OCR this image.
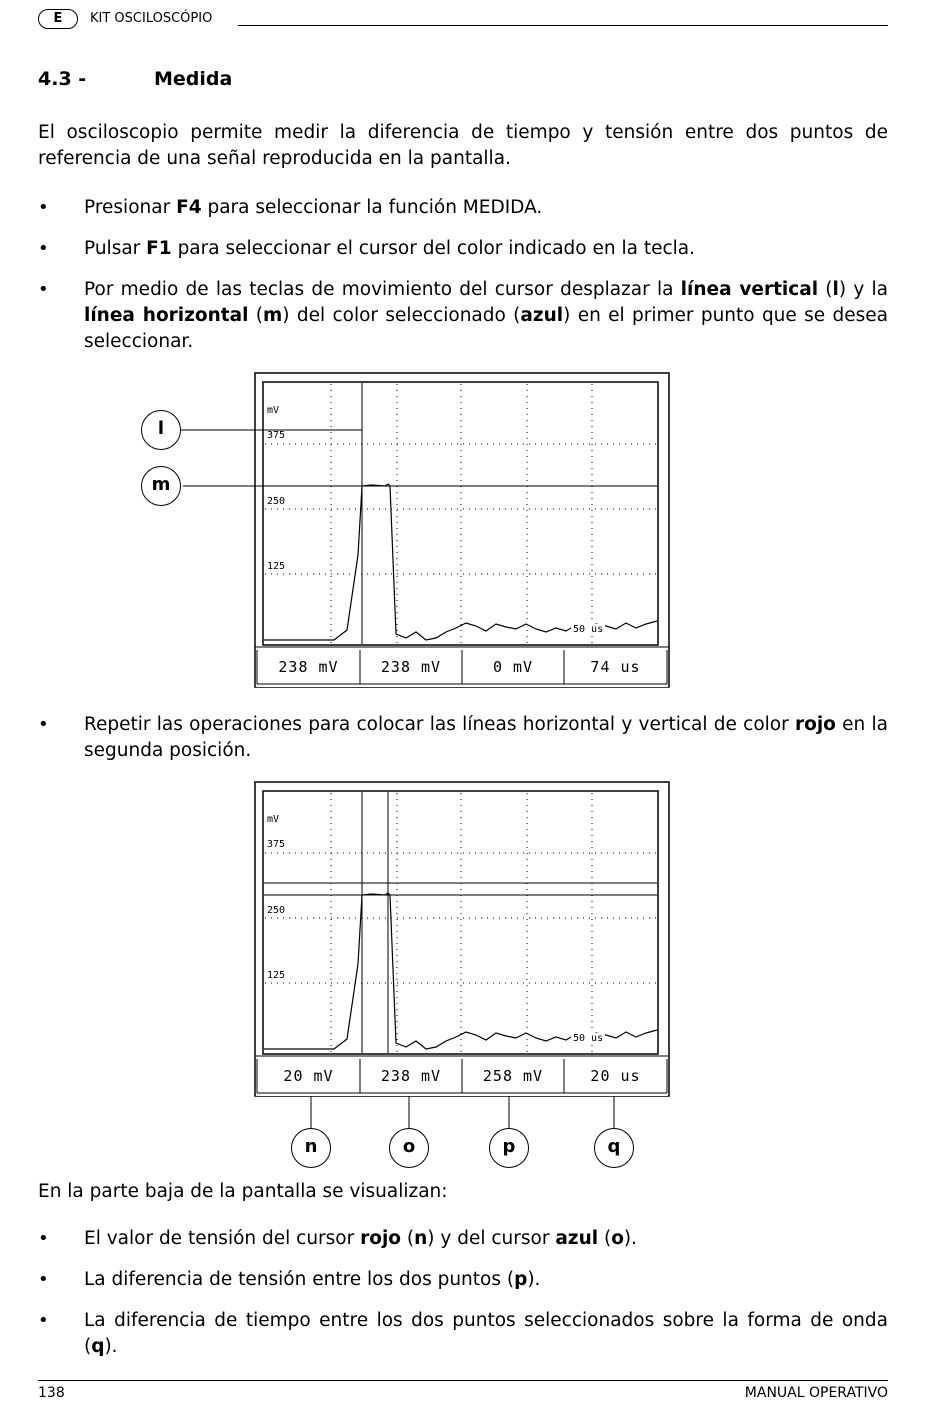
E	KIT OSCILOSCÓPIO
4.3 -	Medida

El osciloscopio permite medir la diferencia de tiempo y tensión entre dos puntos de referencia de una señal reproducida en la pantalla.

• Presionar F4 para seleccionar la función MEDIDA.
• Pulsar F1 para seleccionar el cursor del color indicado en la tecla.
• Por medio de las teclas de movimiento del cursor desplazar la línea vertical (l) y la línea horizontal (m) del color seleccionado (azul) en el primer punto que se desea seleccionar.
mV
375
250
125
50 us
238 mV	238 mV	0 mV	74 us
l
m
• Repetir las operaciones para colocar las líneas horizontal y vertical de color rojo en la segunda posición.
mV
375
250
125
50 us
20 mV	238 mV	258 mV	20 us
n	o	p	q

En la parte baja de la pantalla se visualizan:

• El valor de tensión del cursor rojo (n) y del cursor azul (o).
• La diferencia de tensión entre los dos puntos (p).
• La diferencia de tiempo entre los dos puntos seleccionados sobre la forma de onda (q).
138	MANUAL OPERATIVO
